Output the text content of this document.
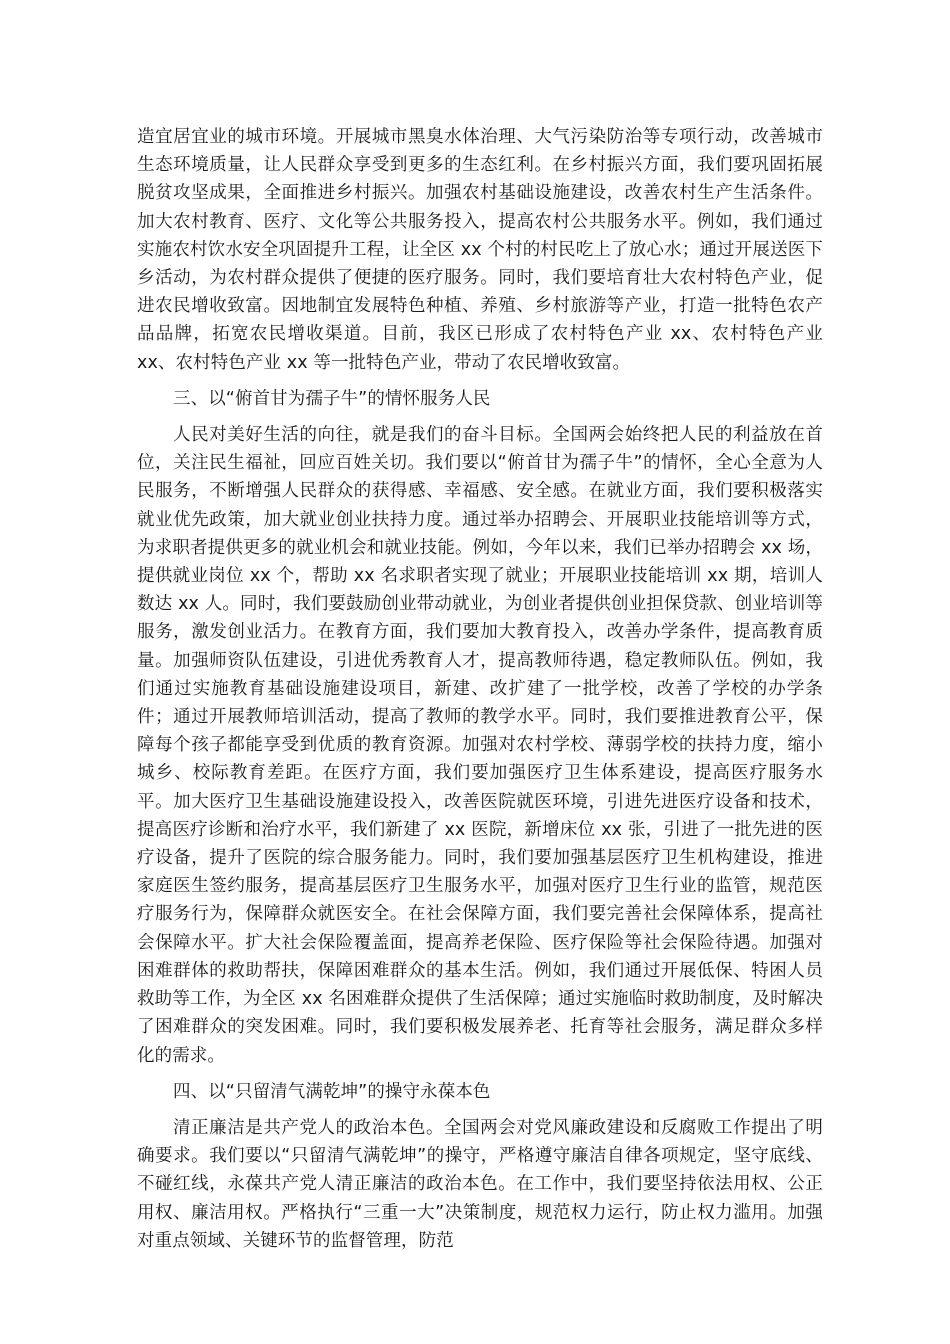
造宜居宜业的城市环境。开展城市黑臭水体治理、大气污染防治等专项行动，改善城市生态环境质量，让人民群众享受到更多的生态红利。在乡村振兴方面，我们要巩固拓展脱贫攻坚成果，全面推进乡村振兴。加强农村基础设施建设，改善农村生产生活条件。加大农村教育、医疗、文化等公共服务投入，提高农村公共服务水平。例如，我们通过实施农村饮水安全巩固提升工程，让全区 xx 个村的村民吃上了放心水；通过开展送医下乡活动，为农村群众提供了便捷的医疗服务。同时，我们要培育壮大农村特色产业，促进农民增收致富。因地制宜发展特色种植、养殖、乡村旅游等产业，打造一批特色农产品品牌，拓宽农民增收渠道。目前，我区已形成了农村特色产业 xx、农村特色产业 xx、农村特色产业 xx 等一批特色产业，带动了农民增收致富。

三、以“俯首甘为孺子牛”的情怀服务人民

人民对美好生活的向往，就是我们的奋斗目标。全国两会始终把人民的利益放在首位，关注民生福祉，回应百姓关切。我们要以“俯首甘为孺子牛”的情怀，全心全意为人民服务，不断增强人民群众的获得感、幸福感、安全感。在就业方面，我们要积极落实就业优先政策，加大就业创业扶持力度。通过举办招聘会、开展职业技能培训等方式，为求职者提供更多的就业机会和就业技能。例如，今年以来，我们已举办招聘会 xx 场，提供就业岗位 xx 个，帮助 xx 名求职者实现了就业；开展职业技能培训 xx 期，培训人数达 xx 人。同时，我们要鼓励创业带动就业，为创业者提供创业担保贷款、创业培训等服务，激发创业活力。在教育方面，我们要加大教育投入，改善办学条件，提高教育质量。加强师资队伍建设，引进优秀教育人才，提高教师待遇，稳定教师队伍。例如，我们通过实施教育基础设施建设项目，新建、改扩建了一批学校，改善了学校的办学条件；通过开展教师培训活动，提高了教师的教学水平。同时，我们要推进教育公平，保障每个孩子都能享受到优质的教育资源。加强对农村学校、薄弱学校的扶持力度，缩小城乡、校际教育差距。在医疗方面，我们要加强医疗卫生体系建设，提高医疗服务水平。加大医疗卫生基础设施建设投入，改善医院就医环境，引进先进医疗设备和技术，提高医疗诊断和治疗水平，我们新建了 xx 医院，新增床位 xx 张，引进了一批先进的医疗设备，提升了医院的综合服务能力。同时，我们要加强基层医疗卫生机构建设，推进家庭医生签约服务，提高基层医疗卫生服务水平，加强对医疗卫生行业的监管，规范医疗服务行为，保障群众就医安全。在社会保障方面，我们要完善社会保障体系，提高社会保障水平。扩大社会保险覆盖面，提高养老保险、医疗保险等社会保险待遇。加强对困难群体的救助帮扶，保障困难群众的基本生活。例如，我们通过开展低保、特困人员救助等工作，为全区 xx 名困难群众提供了生活保障；通过实施临时救助制度，及时解决了困难群众的突发困难。同时，我们要积极发展养老、托育等社会服务，满足群众多样化的需求。

四、以“只留清气满乾坤”的操守永葆本色

清正廉洁是共产党人的政治本色。全国两会对党风廉政建设和反腐败工作提出了明确要求。我们要以“只留清气满乾坤”的操守，严格遵守廉洁自律各项规定，坚守底线、不碰红线，永葆共产党人清正廉洁的政治本色。在工作中，我们要坚持依法用权、公正用权、廉洁用权。严格执行“三重一大”决策制度，规范权力运行，防止权力滥用。加强对重点领域、关键环节的监督管理，防范
